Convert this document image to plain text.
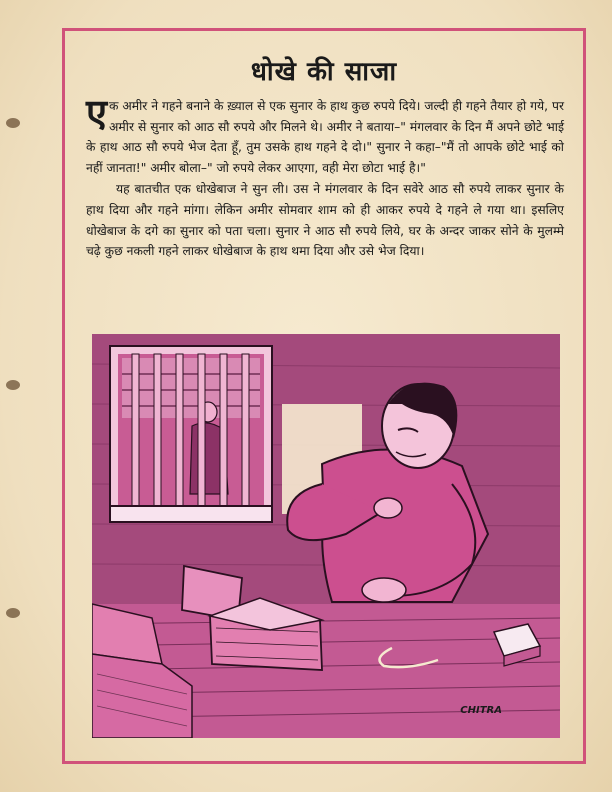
धोखे की साजा

एक अमीर ने गहने बनाने के ख़्याल से एक सुनार के हाथ कुछ रुपये दिये। जल्दी ही गहने तैयार हो गये, पर अमीर से सुनार को आठ सौ रुपये और मिलने थे। अमीर ने बताया–" मंगलवार के दिन मैं अपने छोटे भाई के हाथ आठ सौ रुपये भेज देता हूँ, तुम उसके हाथ गहने दे दो।" सुनार ने कहा–"मैं तो आपके छोटे भाई को नहीं जानता!" अमीर बोला–" जो रुपये लेकर आएगा, वही मेरा छोटा भाई है।"

यह बातचीत एक धोखेबाज ने सुन ली। उस ने मंगलवार के दिन सवेरे आठ सौ रुपये लाकर सुनार के हाथ दिया और गहने मांगा। लेकिन अमीर सोमवार शाम को ही आकर रुपये दे गहने ले गया था। इसलिए धोखेबाज के दगे का सुनार को पता चला। सुनार ने आठ सौ रुपये लिये, घर के अन्दर जाकर सोने के मुलम्मे चढ़े कुछ नकली गहने लाकर धोखेबाज के हाथ थमा दिया और उसे भेज दिया।

CHITRA
